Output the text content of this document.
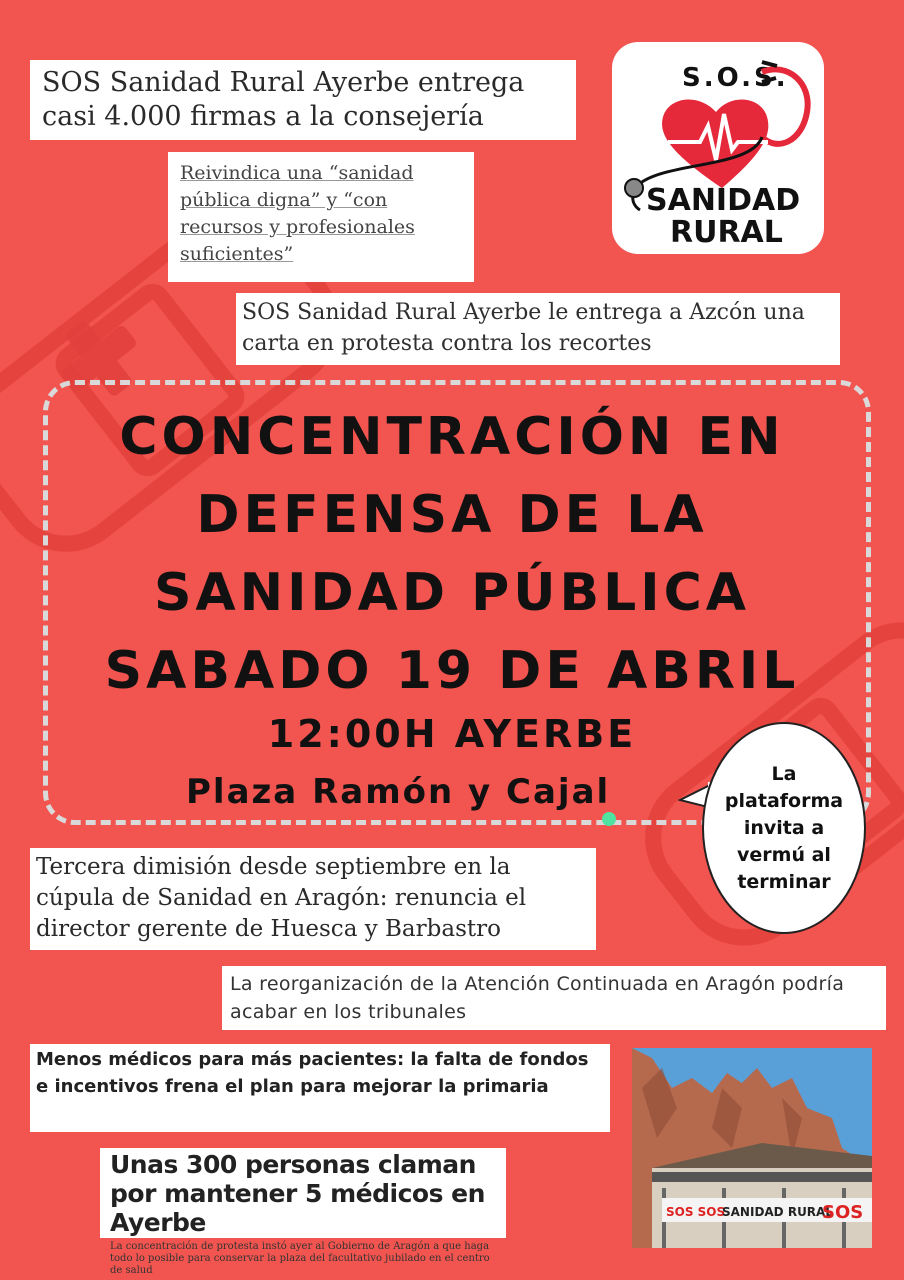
SOS Sanidad Rural Ayerbe entrega casi 4.000 firmas a la consejería
Reivindica una “sanidad pública digna” y “con recursos y profesionales suficientes”
SOS Sanidad Rural Ayerbe le entrega a Azcón una carta en protesta contra los recortes
S.O.S.
SANIDAD
RURAL
CONCENTRACIÓN EN
DEFENSA DE LA
SANIDAD PÚBLICA
SABADO 19 DE ABRIL
12:00H AYERBE
Plaza Ramón y Cajal	La plataforma invita a vermú al terminar
Tercera dimisión desde septiembre en la cúpula de Sanidad en Aragón: renuncia el director gerente de Huesca y Barbastro
La reorganización de la Atención Continuada en Aragón podría acabar en los tribunales
Menos médicos para más pacientes: la falta de fondos e incentivos frena el plan para mejorar la primaria
Unas 300 personas claman por mantener 5 médicos en Ayerbe
La concentración de protesta instó ayer al Gobierno de Aragón a que haga todo lo posible para conservar la plaza del facultativo jubilado en el centro de salud
SOS SOS
SANIDAD RURAL
SOS
